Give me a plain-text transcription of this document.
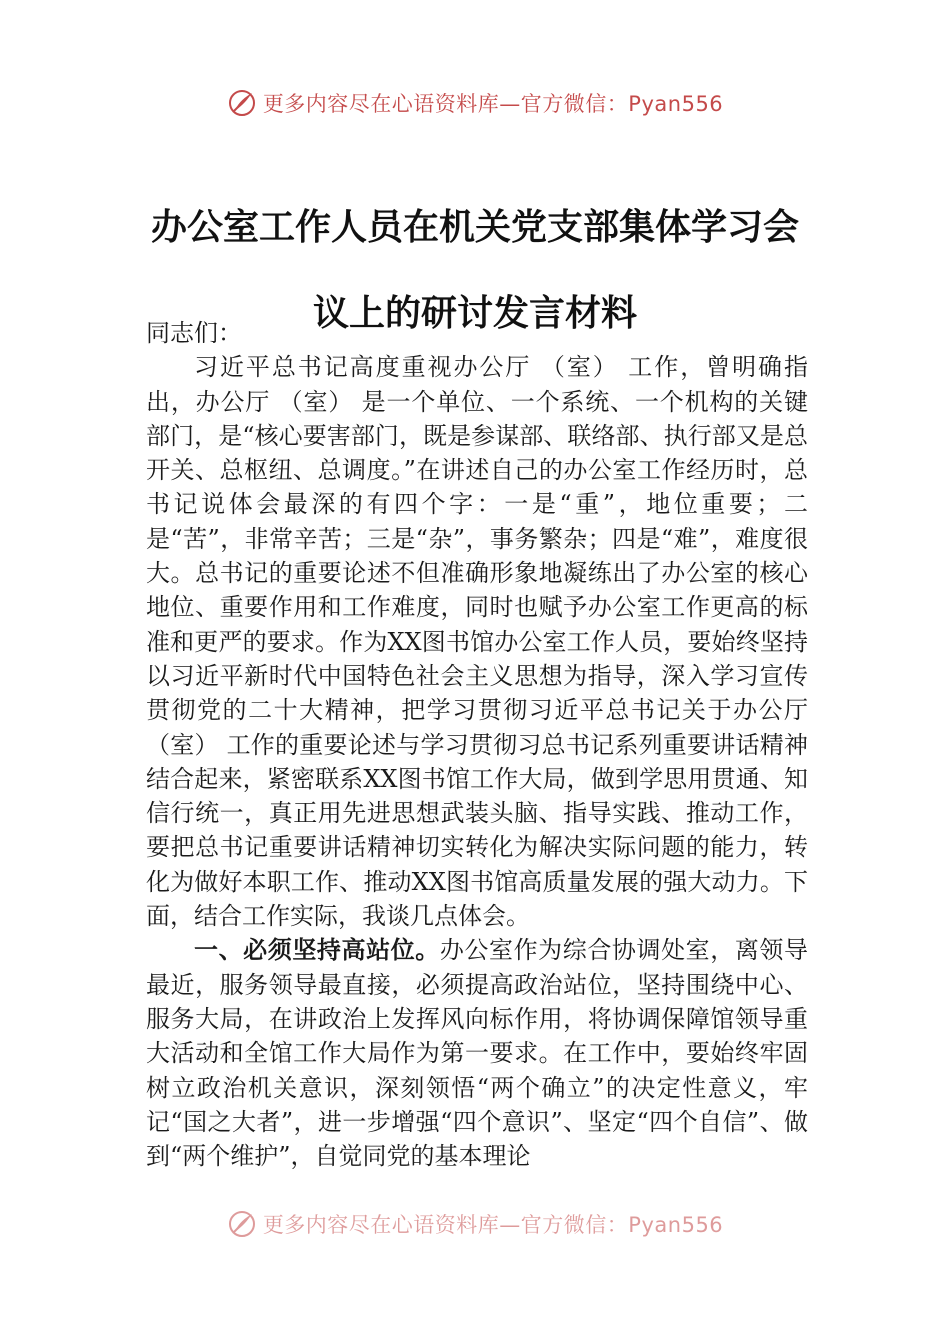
更多内容尽在心语资料库—官方微信：Pyan556
办公室工作人员在机关党支部集体学习会
议上的研讨发言材料

同志们：

习近平总书记高度重视办公厅 （室） 工作，曾明确指出，办公厅 （室） 是一个单位、一个系统、一个机构的关键部门，是“核心要害部门，既是参谋部、联络部、执行部又是总开关、总枢纽、总调度。”在讲述自己的办公室工作经历时，总书记说体会最深的有四个字：一是“重”，地位重要；二是“苦”，非常辛苦；三是“杂”，事务繁杂；四是“难”，难度很大。总书记的重要论述不但准确形象地凝练出了办公室的核心地位、重要作用和工作难度，同时也赋予办公室工作更高的标准和更严的要求。作为XX图书馆办公室工作人员，要始终坚持以习近平新时代中国特色社会主义思想为指导，深入学习宣传贯彻党的二十大精神，把学习贯彻习近平总书记关于办公厅 （室） 工作的重要论述与学习贯彻习总书记系列重要讲话精神结合起来，紧密联系XX图书馆工作大局，做到学思用贯通、知信行统一，真正用先进思想武装头脑、指导实践、推动工作，要把总书记重要讲话精神切实转化为解决实际问题的能力，转化为做好本职工作、推动XX图书馆高质量发展的强大动力。下面，结合工作实际，我谈几点体会。

一、必须坚持高站位。办公室作为综合协调处室，离领导最近，服务领导最直接，必须提高政治站位，坚持围绕中心、服务大局，在讲政治上发挥风向标作用，将协调保障馆领导重大活动和全馆工作大局作为第一要求。在工作中，要始终牢固树立政治机关意识，深刻领悟“两个确立”的决定性意义，牢记“国之大者”，进一步增强“四个意识”、坚定“四个自信”、做到“两个维护”，自觉同党的基本理论

更多内容尽在心语资料库—官方微信：Pyan556
